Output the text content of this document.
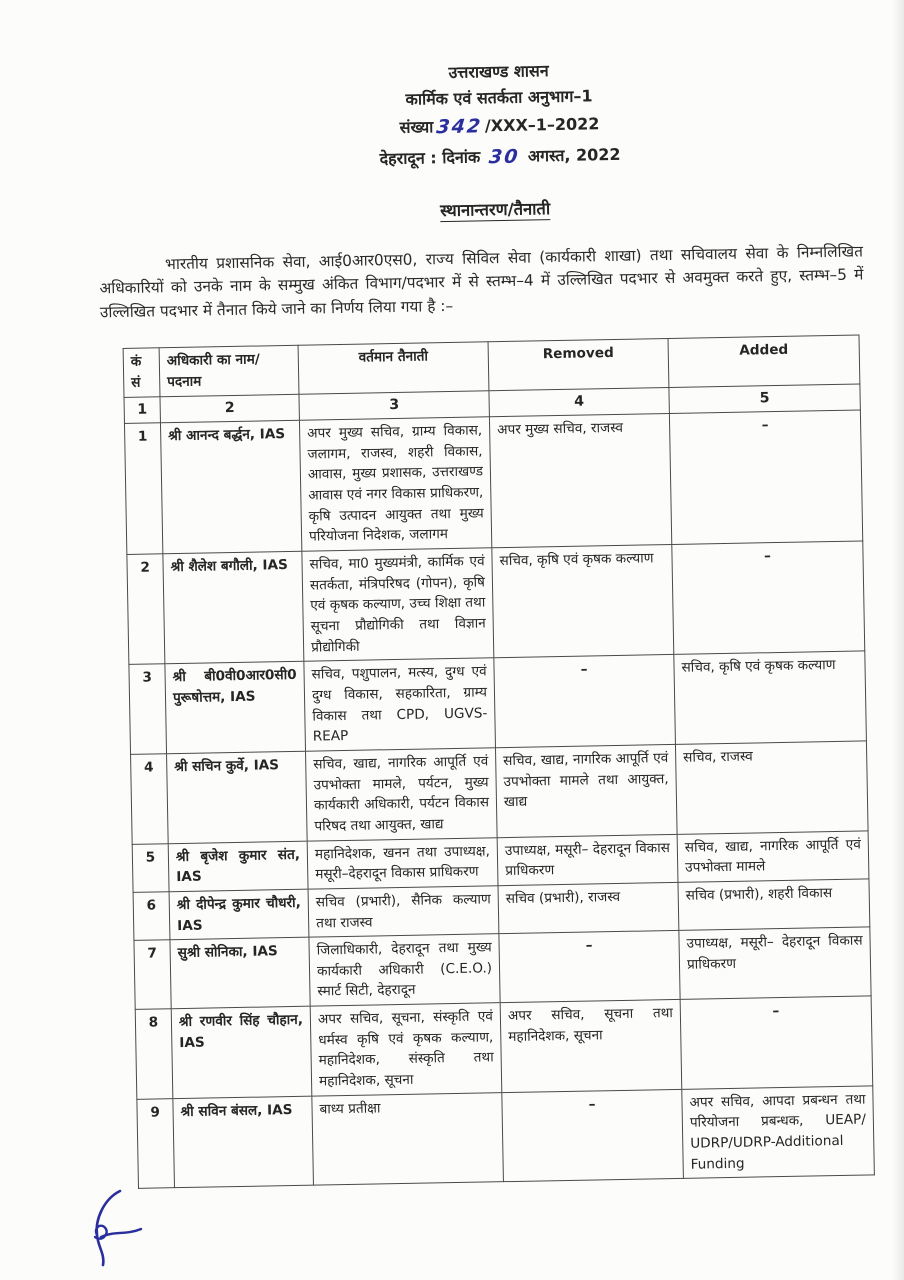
उत्तराखण्ड शासन
कार्मिक एवं सतर्कता अनुभाग–1
संख्या342 /XXX–1–2022
देहरादून : दिनांक 30 अगस्त, 2022
स्थानान्तरण/तैनाती

भारतीय प्रशासनिक सेवा, आई0आर0एस0, राज्य सिविल सेवा (कार्यकारी शाखा) तथा सचिवालय सेवा के निम्नलिखित अधिकारियों को उनके नाम के सम्मुख अंकित विभाग/पदभार में से स्तम्भ–4 में उल्लिखित पदभार से अवमुक्त करते हुए, स्तम्भ–5 में उल्लिखित पदभार में तैनात किये जाने का निर्णय लिया गया है :–

कं
सं	अधिकारी का नाम/ पदनाम	वर्तमान तैनाती	Removed	Added
1	2	3	4	5
1	श्री आनन्द बर्द्धन, IAS	अपर मुख्य सचिव, ग्राम्य विकास, जलागम, राजस्व, शहरी विकास, आवास, मुख्य प्रशासक, उत्तराखण्ड आवास एवं नगर विकास प्राधिकरण, कृषि उत्पादन आयुक्त तथा मुख्य परियोजना निदेशक, जलागम	अपर मुख्य सचिव, राजस्व	–
2	श्री शैलेश बगौली, IAS	सचिव, मा0 मुख्यमंत्री, कार्मिक एवं सतर्कता, मंत्रिपरिषद (गोपन), कृषि एवं कृषक कल्याण, उच्च शिक्षा तथा सूचना प्रौद्योगिकी तथा विज्ञान प्रौद्योगिकी	सचिव, कृषि एवं कृषक कल्याण	–
3	श्री बी0वी0आर0सी0 पुरूषोत्तम, IAS	सचिव, पशुपालन, मत्स्य, दुग्ध एवं दुग्ध विकास, सहकारिता, ग्राम्य विकास तथा CPD, UGVS-REAP	–	सचिव, कृषि एवं कृषक कल्याण
4	श्री सचिन कुर्वे, IAS	सचिव, खाद्य, नागरिक आपूर्ति एवं उपभोक्ता मामले, पर्यटन, मुख्य कार्यकारी अधिकारी, पर्यटन विकास परिषद तथा आयुक्त, खाद्य	सचिव, खाद्य, नागरिक आपूर्ति एवं उपभोक्ता मामले तथा आयुक्त, खाद्य	सचिव, राजस्व
5	श्री बृजेश कुमार संत, IAS	महानिदेशक, खनन तथा उपाध्यक्ष, मसूरी–देहरादून विकास प्राधिकरण	उपाध्यक्ष, मसूरी– देहरादून विकास प्राधिकरण	सचिव, खाद्य, नागरिक आपूर्ति एवं उपभोक्ता मामले
6	श्री दीपेन्द्र कुमार चौधरी, IAS	सचिव (प्रभारी), सैनिक कल्याण तथा राजस्व	सचिव (प्रभारी), राजस्व	सचिव (प्रभारी), शहरी विकास
7	सुश्री सोनिका, IAS	जिलाधिकारी, देहरादून तथा मुख्य कार्यकारी अधिकारी (C.E.O.) स्मार्ट सिटी, देहरादून	–	उपाध्यक्ष, मसूरी– देहरादून विकास प्राधिकरण
8	श्री रणवीर सिंह चौहान, IAS	अपर सचिव, सूचना, संस्कृति एवं धर्मस्व कृषि एवं कृषक कल्याण, महानिदेशक, संस्कृति तथा महानिदेशक, सूचना	अपर सचिव, सूचना तथा महानिदेशक, सूचना	–
9	श्री सविन बंसल, IAS	बाध्य प्रतीक्षा	–	अपर सचिव, आपदा प्रबन्धन तथा परियोजना प्रबन्धक, UEAP/ UDRP/UDRP-Additional Funding
